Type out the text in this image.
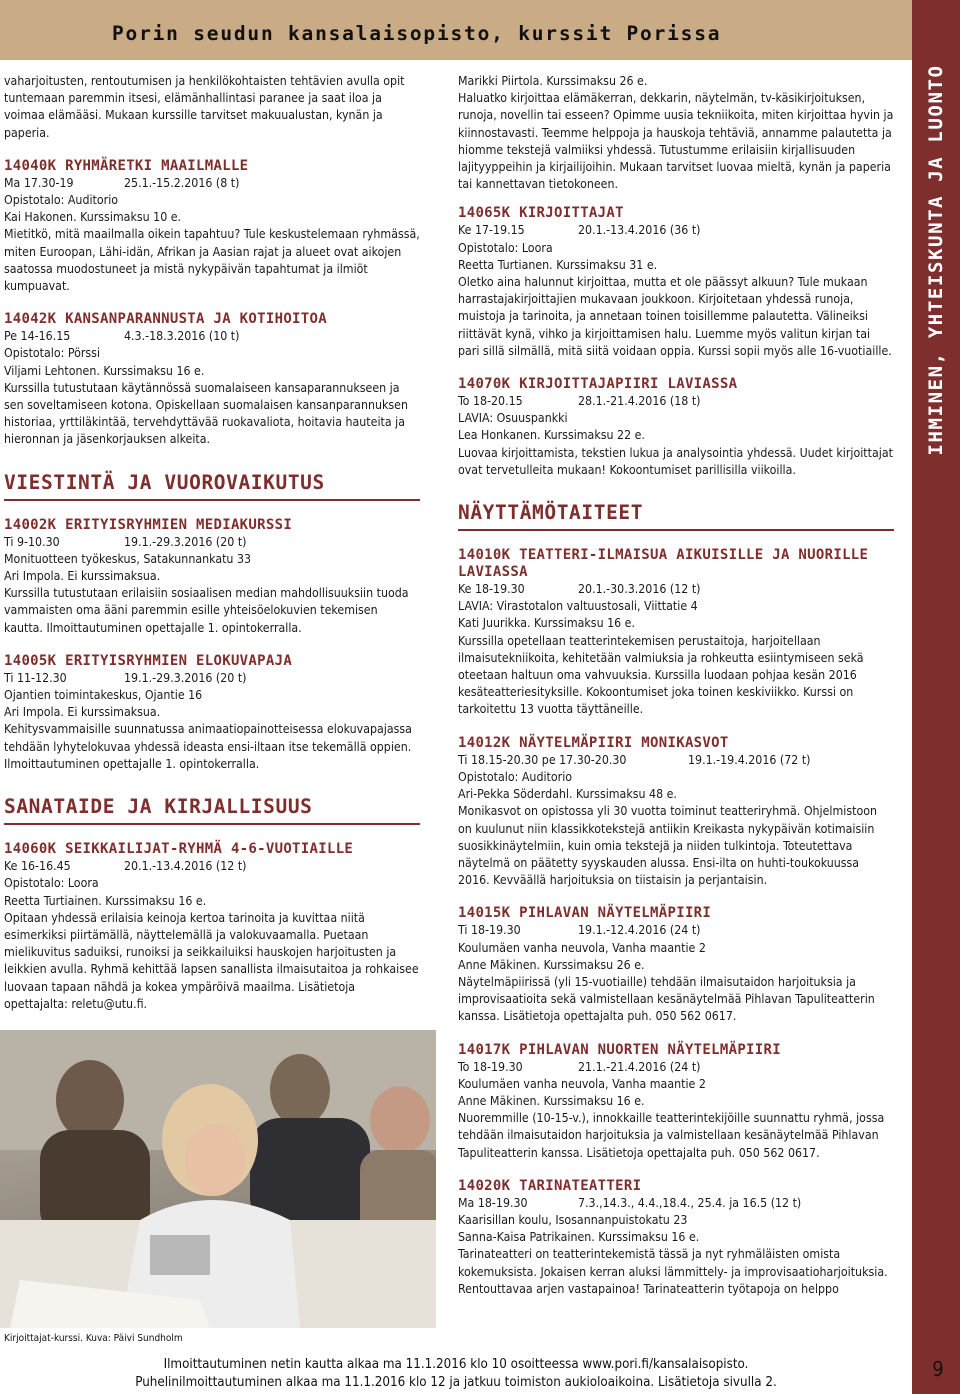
Porin seudun kansalaisopisto, kurssit Porissa
IHMINEN, YHTEISKUNTA JA LUONTO

vaharjoitusten, rentoutumisen ja henkilökohtaisten tehtävien avulla opit tuntemaan paremmin itsesi, elämänhallintasi paranee ja saat iloa ja voimaa elämääsi. Mukaan kurssille tarvitset makuualustan, kynän ja paperia.

14040K RYHMÄRETKI MAAILMALLE

Ma 17.30-19	25.1.-15.2.2016 (8 t)

Opistotalo: Auditorio

Kai Hakonen. Kurssimaksu 10 e.

Mietitkö, mitä maailmalla oikein tapahtuu? Tule keskustelemaan ryhmässä, miten Euroopan, Lähi-idän, Afrikan ja Aasian rajat ja alueet ovat aikojen saatossa muodostuneet ja mistä nykypäivän tapahtumat ja ilmiöt kumpuavat.

14042K KANSANPARANNUSTA JA KOTIHOITOA

Pe 14-16.15	4.3.-18.3.2016 (10 t)

Opistotalo: Pörssi

Viljami Lehtonen. Kurssimaksu 16 e.

Kurssilla tutustutaan käytännössä suomalaiseen kansaparannukseen ja sen soveltamiseen kotona. Opiskellaan suomalaisen kansanparannuksen historiaa, yrttiläkintää, tervehdyttävää ruokavaliota, hoitavia hauteita ja hieronnan ja jäsenkorjauksen alkeita.

VIESTINTÄ JA VUOROVAIKUTUS

14002K ERITYISRYHMIEN MEDIAKURSSI

Ti 9-10.30	19.1.-29.3.2016 (20 t)

Monituotteen työkeskus, Satakunnankatu 33

Ari Impola. Ei kurssimaksua.

Kurssilla tutustutaan erilaisiin sosiaalisen median mahdollisuuksiin tuoda vammaisten oma ääni paremmin esille yhteisöelokuvien tekemisen kautta. Ilmoittautuminen opettajalle 1. opintokerralla.

14005K ERITYISRYHMIEN ELOKUVAPAJA

Ti 11-12.30	19.1.-29.3.2016 (20 t)

Ojantien toimintakeskus, Ojantie 16

Ari Impola. Ei kurssimaksua.

Kehitysvammaisille suunnatussa animaatiopainotteisessa elokuvapajassa tehdään lyhytelokuvaa yhdessä ideasta ensi-iltaan itse tekemällä oppien. Ilmoittautuminen opettajalle 1. opintokerralla.

SANATAIDE JA KIRJALLISUUS

14060K SEIKKAILIJAT-RYHMÄ 4-6-VUOTIAILLE

Ke 16-16.45	20.1.-13.4.2016 (12 t)

Opistotalo: Loora

Reetta Turtiainen. Kurssimaksu 16 e.

Opitaan yhdessä erilaisia keinoja kertoa tarinoita ja kuvittaa niitä esimerkiksi piirtämällä, näyttelemällä ja valokuvaamalla. Puetaan mielikuvitus saduiksi, runoiksi ja seikkailuiksi hauskojen harjoitusten ja leikkien avulla. Ryhmä kehittää lapsen sanallista ilmaisutaitoa ja rohkaisee luovaan tapaan nähdä ja kokea ympäröivä maailma. Lisätietoja opettajalta: reletu@utu.fi.

Kirjoittajat-kurssi. Kuva: Päivi Sundholm

Marikki Piirtola. Kurssimaksu 26 e.

Haluatko kirjoittaa elämäkerran, dekkarin, näytelmän, tv-käsikirjoituksen, runoja, novellin tai esseen? Opimme uusia tekniikoita, miten kirjoittaa hyvin ja kiinnostavasti. Teemme helppoja ja hauskoja tehtäviä, annamme palautetta ja hiomme tekstejä valmiiksi yhdessä. Tutustumme erilaisiin kirjallisuuden lajityyppeihin ja kirjailijoihin. Mukaan tarvitset luovaa mieltä, kynän ja paperia tai kannettavan tietokoneen.

14065K KIRJOITTAJAT

Ke 17-19.15	20.1.-13.4.2016 (36 t)

Opistotalo: Loora

Reetta Turtianen. Kurssimaksu 31 e.

Oletko aina halunnut kirjoittaa, mutta et ole päässyt alkuun? Tule mukaan harrastajakirjoittajien mukavaan joukkoon. Kirjoitetaan yhdessä runoja, muistoja ja tarinoita, ja annetaan toinen toisillemme palautetta. Välineiksi riittävät kynä, vihko ja kirjoittamisen halu. Luemme myös valitun kirjan tai pari sillä silmällä, mitä siitä voidaan oppia. Kurssi sopii myös alle 16-vuotiaille.

14070K KIRJOITTAJAPIIRI LAVIASSA

To 18-20.15	28.1.-21.4.2016 (18 t)

LAVIA: Osuuspankki

Lea Honkanen. Kurssimaksu 22 e.

Luovaa kirjoittamista, tekstien lukua ja analysointia yhdessä. Uudet kirjoittajat ovat tervetulleita mukaan! Kokoontumiset parillisilla viikoilla.

NÄYTTÄMÖTAITEET

14010K TEATTERI-ILMAISUA AIKUISILLE JA NUORILLE LAVIASSA

Ke 18-19.30	20.1.-30.3.2016 (12 t)

LAVIA: Virastotalon valtuustosali, Viittatie 4

Kati Juurikka. Kurssimaksu 16 e.

Kurssilla opetellaan teatterintekemisen perustaitoja, harjoitellaan ilmaisutekniikoita, kehitetään valmiuksia ja rohkeutta esiintymiseen sekä oteetaan haltuun oma vahvuuksia. Kurssilla luodaan pohjaa kesän 2016 kesäteatteriesityksille. Kokoontumiset joka toinen keskiviikko. Kurssi on tarkoitettu 13 vuotta täyttäneille.

14012K NÄYTELMÄPIIRI MONIKASVOT

Ti 18.15-20.30 pe 17.30-20.30	19.1.-19.4.2016 (72 t)

Opistotalo: Auditorio

Ari-Pekka Söderdahl. Kurssimaksu 48 e.

Monikasvot on opistossa yli 30 vuotta toiminut teatteriryhmä. Ohjelmistoon on kuulunut niin klassikkotekstejä antiikin Kreikasta nykypäivän kotimaisiin suosikkinäytelmiin, kuin omia tekstejä ja niiden tulkintoja. Toteutettava näytelmä on päätetty syyskauden alussa. Ensi-ilta on huhti-toukokuussa 2016. Kevväällä harjoituksia on tiistaisin ja perjantaisin.

14015K PIHLAVAN NÄYTELMÄPIIRI

Ti 18-19.30	19.1.-12.4.2016 (24 t)

Koulumäen vanha neuvola, Vanha maantie 2

Anne Mäkinen. Kurssimaksu 26 e.

Näytelmäpiirissä (yli 15-vuotiaille) tehdään ilmaisutaidon harjoituksia ja improvisaatioita sekä valmistellaan kesänäytelmää Pihlavan Tapuliteatterin kanssa. Lisätietoja opettajalta puh. 050 562 0617.

14017K PIHLAVAN NUORTEN NÄYTELMÄPIIRI

To 18-19.30	21.1.-21.4.2016 (24 t)

Koulumäen vanha neuvola, Vanha maantie 2

Anne Mäkinen. Kurssimaksu 16 e.

Nuoremmille (10-15-v.), innokkaille teatterintekijöille suunnattu ryhmä, jossa tehdään ilmaisutaidon harjoituksia ja valmistellaan kesänäytelmää Pihlavan Tapuliteatterin kanssa. Lisätietoja opettajalta puh. 050 562 0617.

14020K TARINATEATTERI

Ma 18-19.30	7.3.,14.3., 4.4.,18.4., 25.4. ja 16.5 (12 t)

Kaarisillan koulu, Isosannanpuistokatu 23

Sanna-Kaisa Patrikainen. Kurssimaksu 16 e.

Tarinateatteri on teatterintekemistä tässä ja nyt ryhmäläisten omista kokemuksista. Jokaisen kerran aluksi lämmittely- ja improvisaatioharjoituksia. Rentouttavaa arjen vastapainoa! Tarinateatterin työtapoja on helppo

Ilmoittautuminen netin kautta alkaa ma 11.1.2016 klo 10 osoitteessa www.pori.fi/kansalaisopisto.
Puhelinilmoittautuminen alkaa ma 11.1.2016 klo 12 ja jatkuu toimiston aukioloaikoina. Lisätietoja sivulla 2.
9
